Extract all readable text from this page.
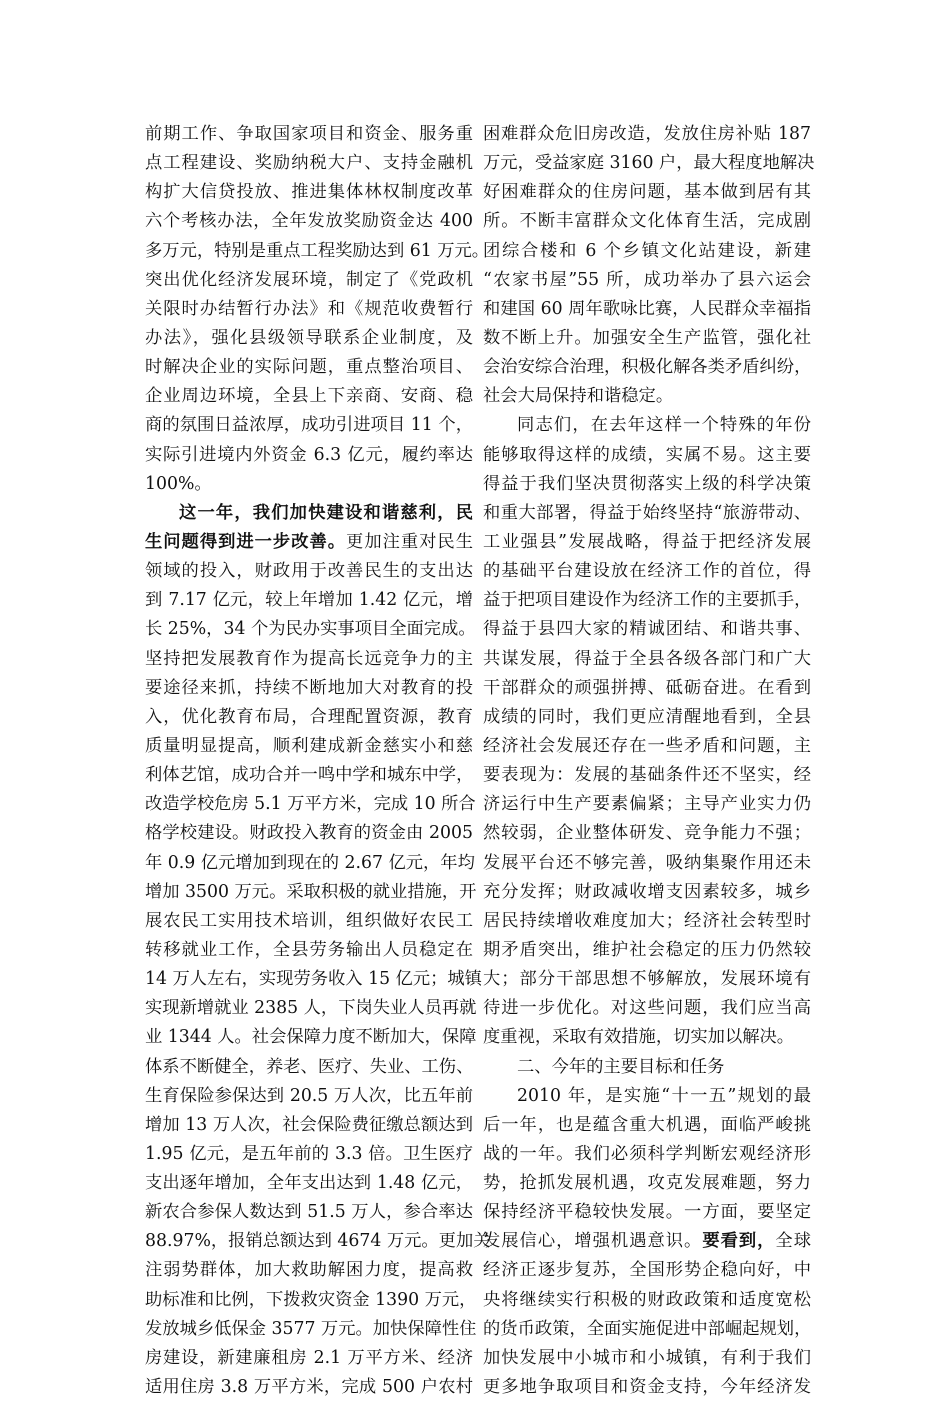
前期工作、争取国家项目和资金、服务重
点工程建设、奖励纳税大户、支持金融机
构扩大信贷投放、推进集体林权制度改革
六个考核办法，全年发放奖励资金达 400
多万元，特别是重点工程奖励达到 61 万元。
突出优化经济发展环境，制定了《党政机
关限时办结暂行办法》和《规范收费暂行
办法》，强化县级领导联系企业制度，及
时解决企业的实际问题，重点整治项目、
企业周边环境，全县上下亲商、安商、稳
商的氛围日益浓厚，成功引进项目 11 个，
实际引进境内外资金 6.3 亿元，履约率达
100%。
这一年，我们加快建设和谐慈利，民
生问题得到进一步改善。更加注重对民生
领域的投入，财政用于改善民生的支出达
到 7.17 亿元，较上年增加 1.42 亿元，增
长 25%，34 个为民办实事项目全面完成。
坚持把发展教育作为提高长远竞争力的主
要途径来抓，持续不断地加大对教育的投
入，优化教育布局，合理配置资源，教育
质量明显提高，顺利建成新金慈实小和慈
利体艺馆，成功合并一鸣中学和城东中学，
改造学校危房 5.1 万平方米，完成 10 所合
格学校建设。财政投入教育的资金由 2005
年 0.9 亿元增加到现在的 2.67 亿元，年均
增加 3500 万元。采取积极的就业措施，开
展农民工实用技术培训，组织做好农民工
转移就业工作，全县劳务输出人员稳定在
14 万人左右，实现劳务收入 15 亿元；城镇
实现新增就业 2385 人，下岗失业人员再就
业 1344 人。社会保障力度不断加大，保障
体系不断健全，养老、医疗、失业、工伤、
生育保险参保达到 20.5 万人次，比五年前
增加 13 万人次，社会保险费征缴总额达到
1.95 亿元，是五年前的 3.3 倍。卫生医疗
支出逐年增加，全年支出达到 1.48 亿元，
新农合参保人数达到 51.5 万人，参合率达
88.97%，报销总额达到 4674 万元。更加关
注弱势群体，加大救助解困力度，提高救
助标准和比例，下拨救灾资金 1390 万元，
发放城乡低保金 3577 万元。加快保障性住
房建设，新建廉租房 2.1 万平方米、经济
适用住房 3.8 万平方米，完成 500 户农村
困难群众危旧房改造，发放住房补贴 187
万元，受益家庭 3160 户，最大程度地解决
好困难群众的住房问题，基本做到居有其
所。不断丰富群众文化体育生活，完成剧
团综合楼和 6 个乡镇文化站建设，新建
“农家书屋”55 所，成功举办了县六运会
和建国 60 周年歌咏比赛，人民群众幸福指
数不断上升。加强安全生产监管，强化社
会治安综合治理，积极化解各类矛盾纠纷，
社会大局保持和谐稳定。
同志们，在去年这样一个特殊的年份
能够取得这样的成绩，实属不易。这主要
得益于我们坚决贯彻落实上级的科学决策
和重大部署，得益于始终坚持“旅游带动、
工业强县”发展战略，得益于把经济发展
的基础平台建设放在经济工作的首位，得
益于把项目建设作为经济工作的主要抓手，
得益于县四大家的精诚团结、和谐共事、
共谋发展，得益于全县各级各部门和广大
干部群众的顽强拼搏、砥砺奋进。在看到
成绩的同时，我们更应清醒地看到，全县
经济社会发展还存在一些矛盾和问题，主
要表现为：发展的基础条件还不坚实，经
济运行中生产要素偏紧；主导产业实力仍
然较弱，企业整体研发、竞争能力不强；
发展平台还不够完善，吸纳集聚作用还未
充分发挥；财政减收增支因素较多，城乡
居民持续增收难度加大；经济社会转型时
期矛盾突出，维护社会稳定的压力仍然较
大；部分干部思想不够解放，发展环境有
待进一步优化。对这些问题，我们应当高
度重视，采取有效措施，切实加以解决。
二、今年的主要目标和任务
2010 年，是实施“十一五”规划的最
后一年，也是蕴含重大机遇，面临严峻挑
战的一年。我们必须科学判断宏观经济形
势，抢抓发展机遇，攻克发展难题，努力
保持经济平稳较快发展。一方面，要坚定
发展信心，增强机遇意识。要看到，全球
经济正逐步复苏，全国形势企稳向好，中
央将继续实行积极的财政政策和适度宽松
的货币政策，全面实施促进中部崛起规划，
加快发展中小城市和小城镇，有利于我们
更多地争取项目和资金支持，今年经济发
